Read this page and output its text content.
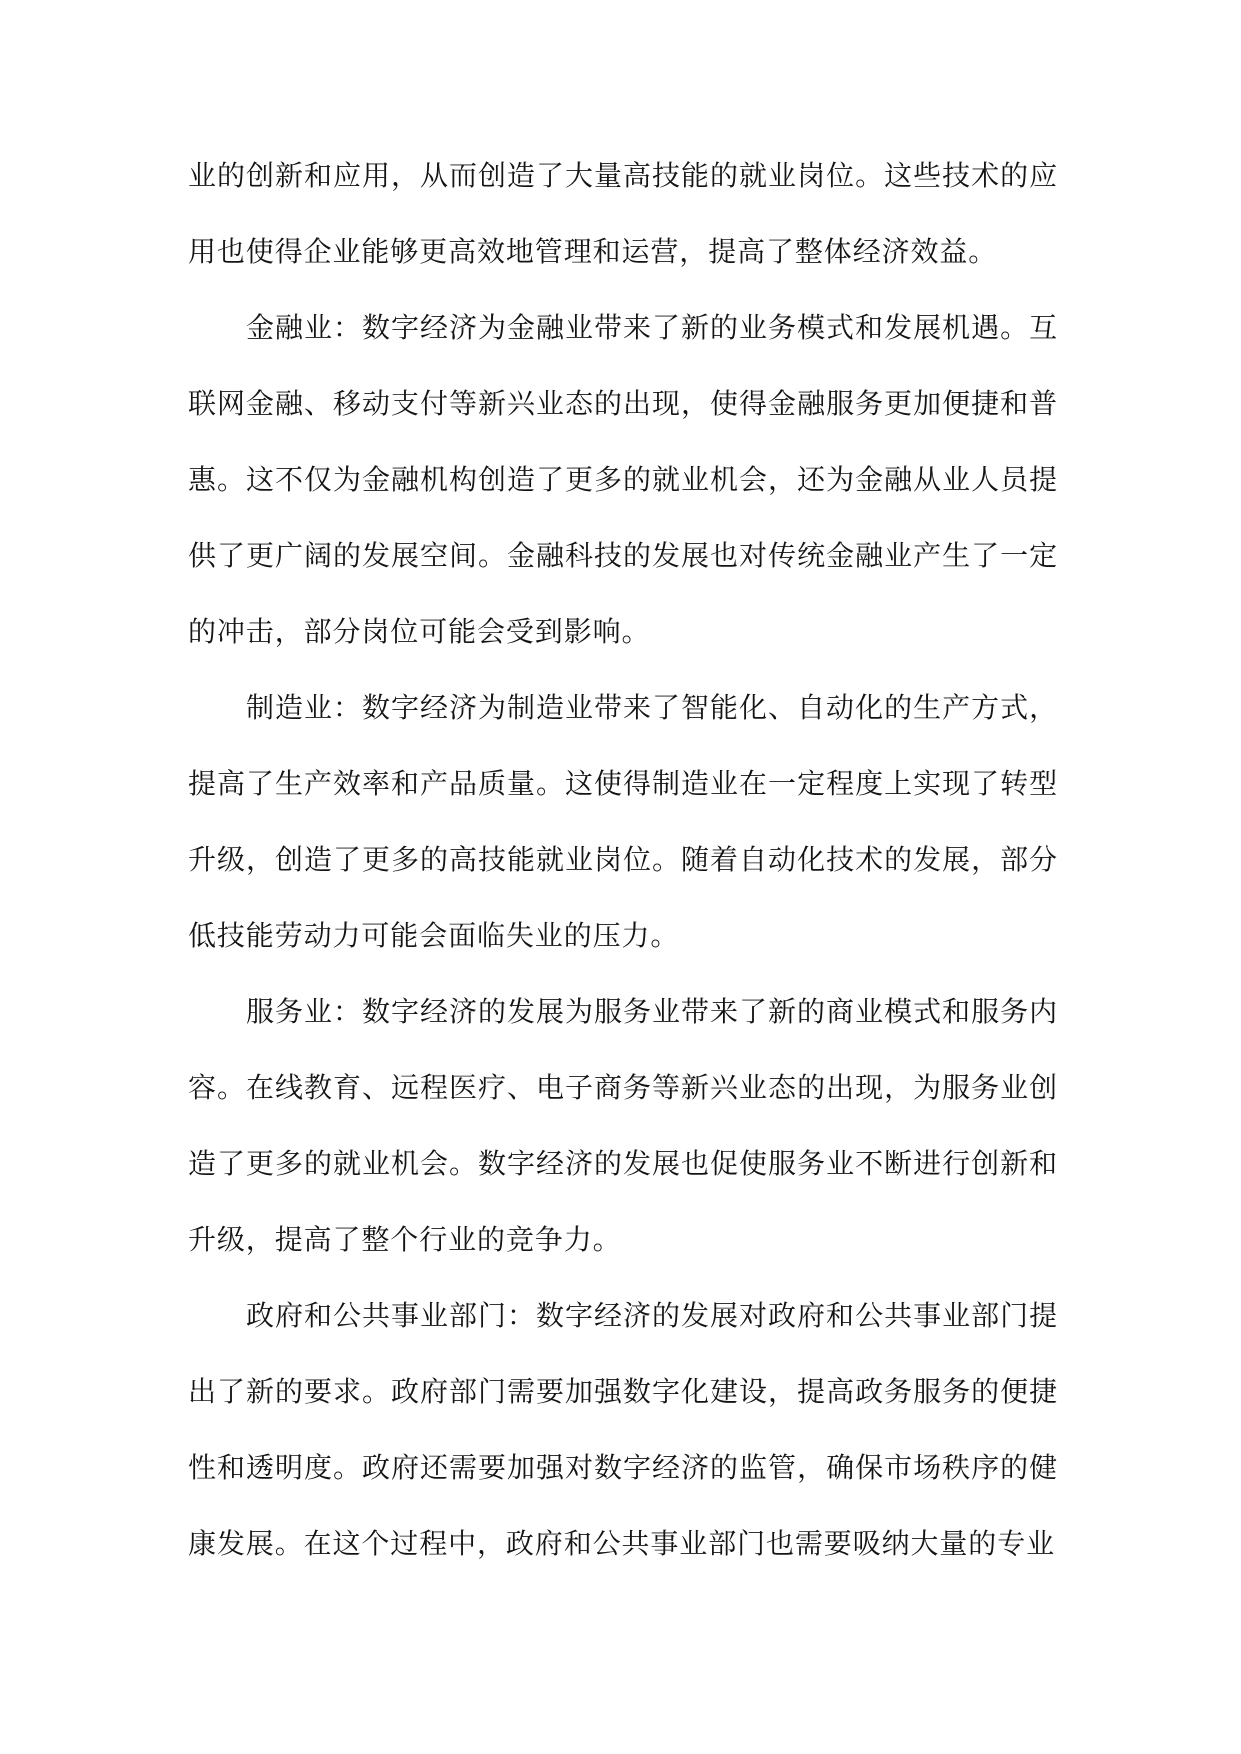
业的创新和应用，从而创造了大量高技能的就业岗位。这些技术的应用也使得企业能够更高效地管理和运营，提高了整体经济效益。

金融业：数字经济为金融业带来了新的业务模式和发展机遇。互联网金融、移动支付等新兴业态的出现，使得金融服务更加便捷和普惠。这不仅为金融机构创造了更多的就业机会，还为金融从业人员提供了更广阔的发展空间。金融科技的发展也对传统金融业产生了一定的冲击，部分岗位可能会受到影响。

制造业：数字经济为制造业带来了智能化、自动化的生产方式，提高了生产效率和产品质量。这使得制造业在一定程度上实现了转型升级，创造了更多的高技能就业岗位。随着自动化技术的发展，部分低技能劳动力可能会面临失业的压力。

服务业：数字经济的发展为服务业带来了新的商业模式和服务内容。在线教育、远程医疗、电子商务等新兴业态的出现，为服务业创造了更多的就业机会。数字经济的发展也促使服务业不断进行创新和升级，提高了整个行业的竞争力。

政府和公共事业部门：数字经济的发展对政府和公共事业部门提出了新的要求。政府部门需要加强数字化建设，提高政务服务的便捷性和透明度。政府还需要加强对数字经济的监管，确保市场秩序的健康发展。在这个过程中，政府和公共事业部门也需要吸纳大量的专业
